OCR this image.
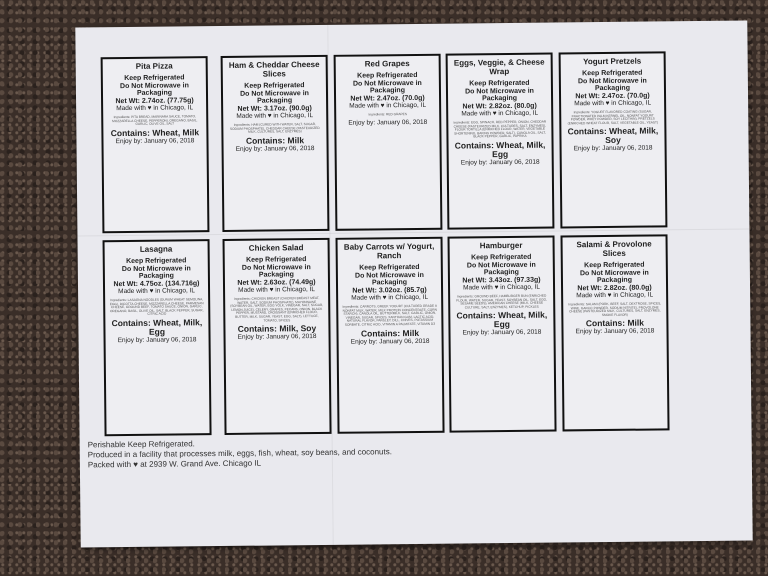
Pita Pizza
Keep Refrigerated
Do Not Microwave in Packaging
Net Wt: 2.74oz. (77.75g)
Made with ♥ in Chicago, IL
Ingredients: PITA BREAD, MARINARA SAUCE, TOMATO, MOZZARELLA CHEESE, PEPPERONI, OREGANO, BASIL, GARLIC, OLIVE OIL, SALT
Contains: Wheat, Milk
Enjoy by: January 06, 2018
Ham & Cheddar Cheese Slices
Keep Refrigerated
Do Not Microwave in Packaging
Net Wt: 3.17oz. (90.0g)
Made with ♥ in Chicago, IL
Ingredients: HAM (CURED WITH WATER, SALT, SUGAR, SODIUM PHOSPHATE), CHEDDAR CHEESE (PASTEURIZED MILK, CULTURES, SALT, ENZYMES)
Contains: Milk
Enjoy by: January 06, 2018
Red Grapes
Keep Refrigerated
Do Not Microwave in Packaging
Net Wt: 2.47oz. (70.0g)
Made with ♥ in Chicago, IL
Ingredients: RED GRAPES
Enjoy by: January 06, 2018
Eggs, Veggie, & Cheese Wrap
Keep Refrigerated
Do Not Microwave in Packaging
Net Wt: 2.82oz. (80.0g)
Made with ♥ in Chicago, IL
Ingredients: EGG, SPINACH, RED PEPPER, ONION, CHEDDAR CHEESE (PASTEURIZED MILK, CULTURES, SALT, ENZYMES), FLOUR TORTILLA (ENRICHED FLOUR, WATER, VEGETABLE SHORTENING, BAKING POWDER, SALT), CANOLA OIL, SALT, BLACK PEPPER, GARLIC, PAPRIKA
Contains: Wheat, Milk, Egg
Enjoy by: January 06, 2018
Yogurt Pretzels
Keep Refrigerated
Do Not Microwave in Packaging
Net Wt: 2.47oz. (70.0g)
Made with ♥ in Chicago, IL
Ingredients: YOGURT FLAVORED COATING (SUGAR, FRACTIONATED PALM KERNEL OIL, NONFAT YOGURT POWDER, WHEY POWDER, SOY LECITHIN), PRETZELS (ENRICHED WHEAT FLOUR, SALT, VEGETABLE OIL, YEAST)
Contains: Wheat, Milk, Soy
Enjoy by: January 06, 2018
Lasagna
Keep Refrigerated
Do Not Microwave in Packaging
Net Wt: 4.75oz. (134.716g)
Made with ♥ in Chicago, IL
Ingredients: LASAGNA NOODLES (DURUM WHEAT SEMOLINA, EGG), RICOTTA CHEESE, MOZZARELLA CHEESE, PARMESAN CHEESE, GROUND BEEF, TOMATO SAUCE, ONION, GARLIC, OREGANO, BASIL, OLIVE OIL, SALT, BLACK PEPPER, SUGAR, CITRIC ACID
Contains: Wheat, Milk, Egg
Enjoy by: January 06, 2018
Chicken Salad
Keep Refrigerated
Do Not Microwave in Packaging
Net Wt: 2.63oz. (74.49g)
Made with ♥ in Chicago, IL
Ingredients: CHICKEN BREAST (CHICKEN BREAST MEAT, WATER, SALT, SODIUM PHOSPHATE), MAYONNAISE (SOYBEAN OIL, WATER, EGG YOLK, VINEGAR, SALT, SUGAR, LEMON JUICE), CELERY, GRAPES, PECANS, ONION, BLACK PEPPER, MUSTARD, CROISSANT (ENRICHED FLOUR, BUTTER, MILK, SUGAR, YEAST, EGG, SALT), LETTUCE, TOMATO, SPICES
Contains: Milk, Soy
Enjoy by: January 06, 2018
Baby Carrots w/ Yogurt, Ranch
Keep Refrigerated
Do Not Microwave in Packaging
Net Wt: 3.02oz. (85.7g)
Made with ♥ in Chicago, IL
Ingredients: CARROTS, GREEK YOGURT (CULTURED GRADE A NONFAT MILK, WATER, MILK PROTEIN CONCENTRATE, CORN STARCH), CANOLA OIL, BUTTERMILK, SALT, GARLIC, ONION, VINEGAR, SUGAR, SPICES, XANTHAN GUM, LACTIC ACID, NATURAL FLAVOR, PARSLEY, DILL, CHIVES, POTASSIUM SORBATE, CITRIC ACID, VITAMIN A PALMITATE, VITAMIN D3
Contains: Milk
Enjoy by: January 06, 2018
Hamburger
Keep Refrigerated
Do Not Microwave in Packaging
Net Wt: 3.43oz. (97.33g)
Made with ♥ in Chicago, IL
Ingredients: GROUND BEEF, HAMBURGER BUN (ENRICHED FLOUR, WATER, SUGAR, YEAST, SOYBEAN OIL, SALT, EGG, SESAME SEEDS), AMERICAN CHEESE (MILK, CHEESE CULTURE, SALT, ENZYMES), KETCHUP, PICKLES
Contains: Wheat, Milk, Egg
Enjoy by: January 06, 2018
Salami & Provolone Slices
Keep Refrigerated
Do Not Microwave in Packaging
Net Wt: 2.82oz. (80.0g)
Made with ♥ in Chicago, IL
Ingredients: SALAMI (PORK, BEEF, SALT, DEXTROSE, SPICES, WINE, GARLIC POWDER, SODIUM NITRITE), PROVOLONE CHEESE (PASTEURIZED MILK, CULTURES, SALT, ENZYMES, SMOKE FLAVOR)
Contains: Milk
Enjoy by: January 06, 2018
Perishable Keep Refrigerated.
Produced in a facility that processes milk, eggs, fish, wheat, soy beans, and coconuts.
Packed with ♥ at 2939 W. Grand Ave. Chicago IL
